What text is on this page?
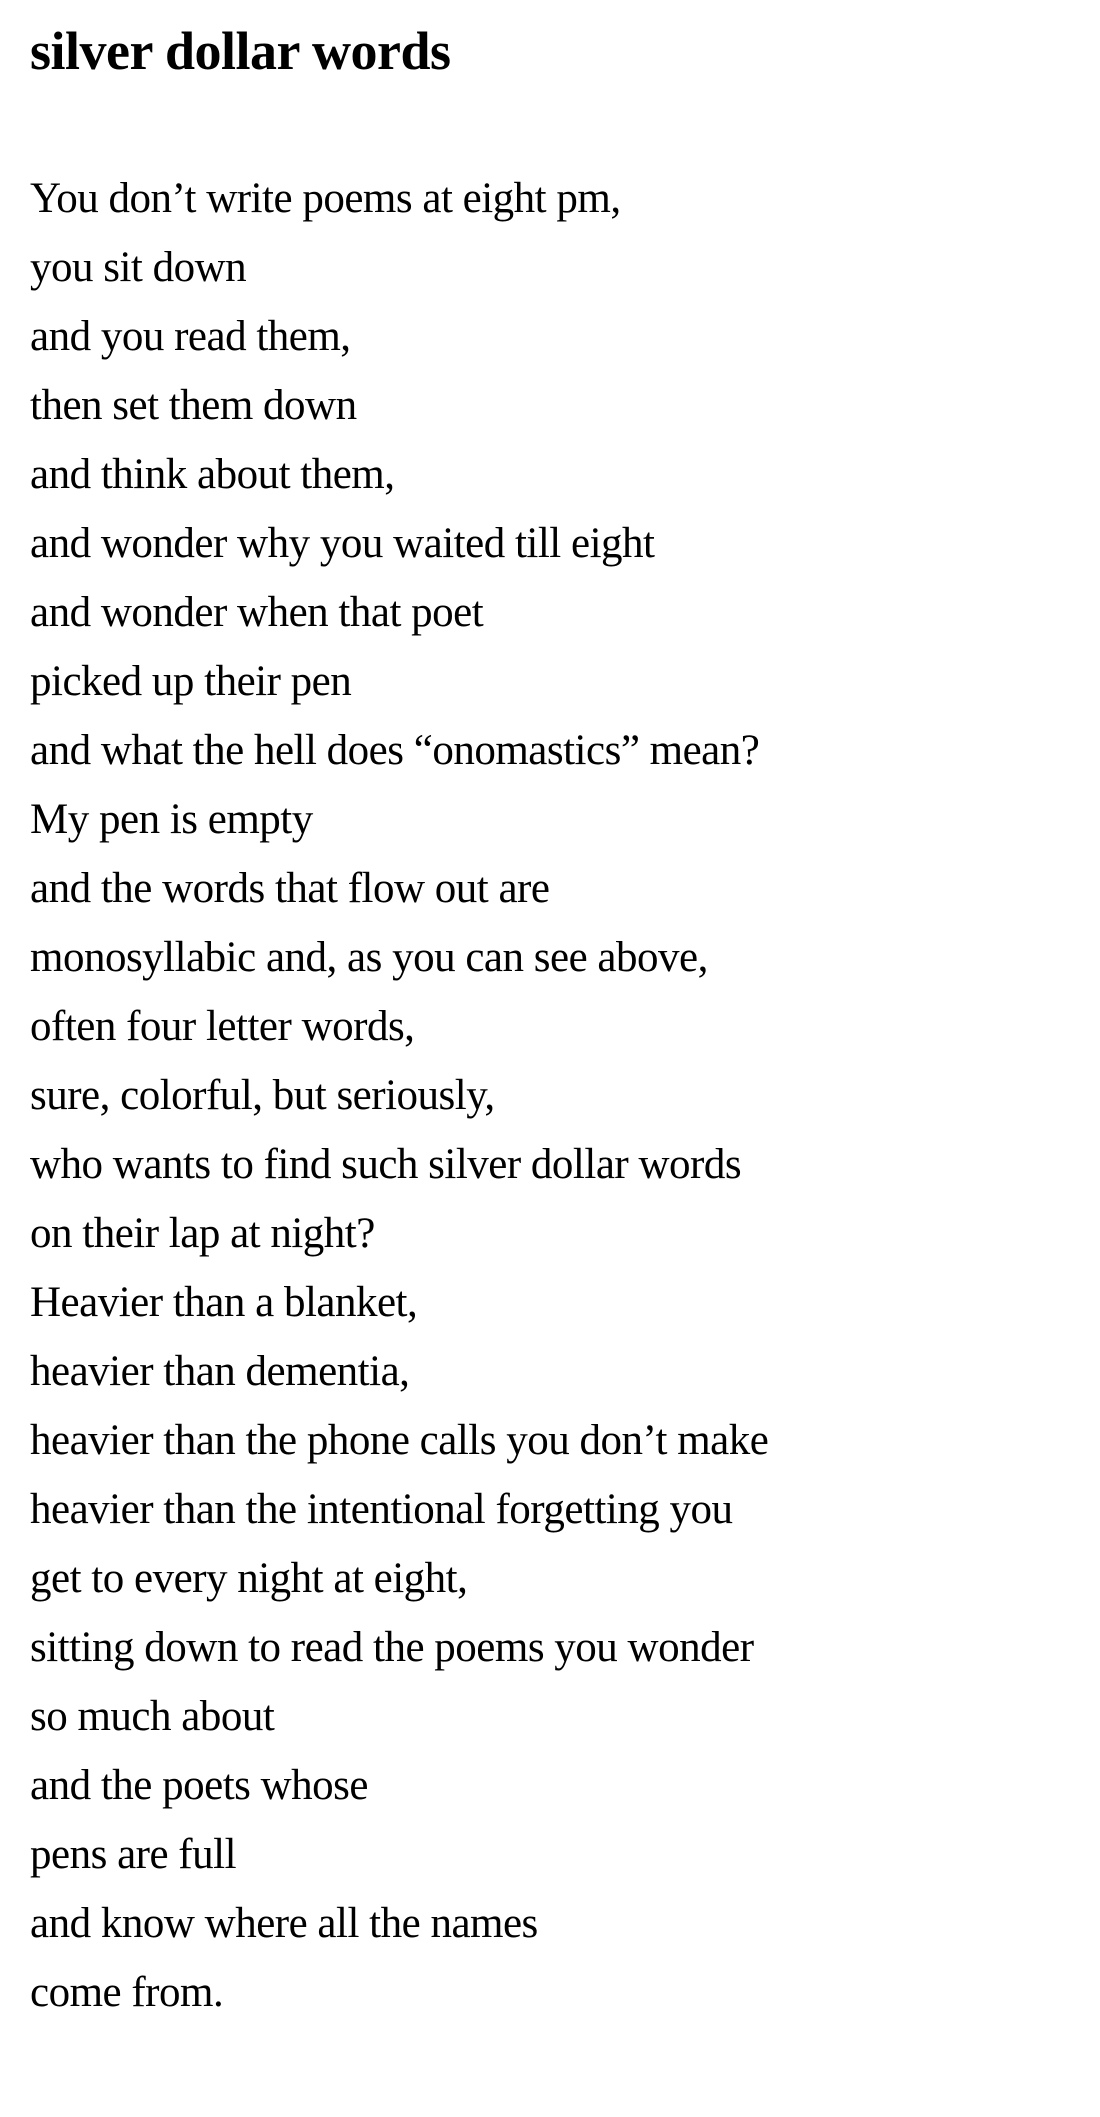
silver dollar words
You don’t write poems at eight pm,
you sit down
and you read them,
then set them down
and think about them,
and wonder why you waited till eight
and wonder when that poet
picked up their pen
and what the hell does “onomastics” mean?
My pen is empty
and the words that flow out are
monosyllabic and, as you can see above,
often four letter words,
sure, colorful, but seriously,
who wants to find such silver dollar words
on their lap at night?
Heavier than a blanket,
heavier than dementia,
heavier than the phone calls you don’t make
heavier than the intentional forgetting you
get to every night at eight,
sitting down to read the poems you wonder
so much about
and the poets whose
pens are full
and know where all the names
come from.
